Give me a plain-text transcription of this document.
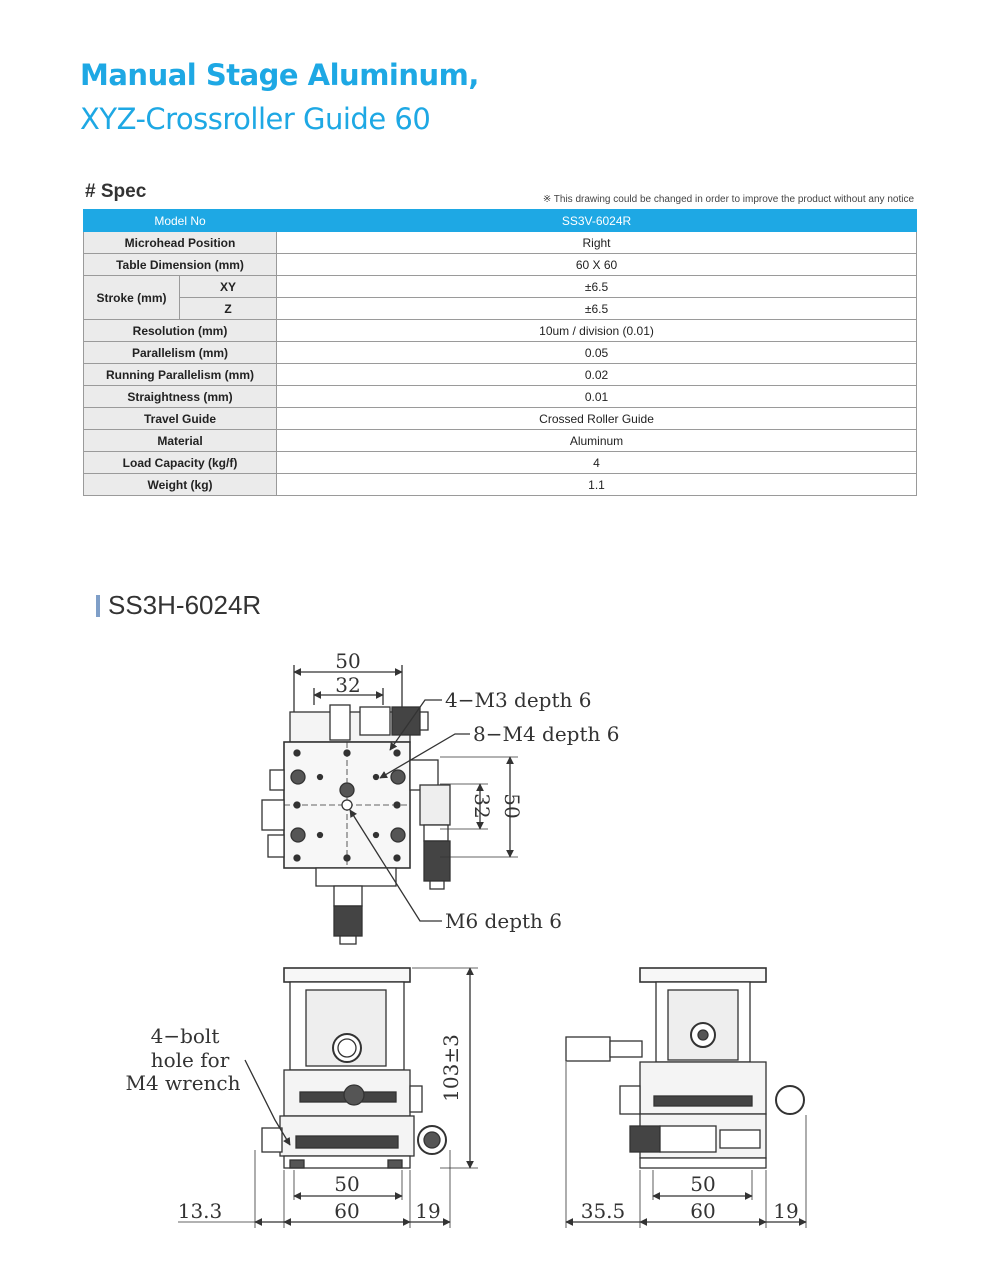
Manual Stage Aluminum,
XYZ-Crossroller Guide 60
# Spec	※ This drawing could be changed in order to improve the product without any notice
Model No		SS3V-6024R
Microhead Position		Right
Table Dimension (mm)		60 X 60
Stroke (mm)	XY	±6.5
	Z	±6.5
Resolution (mm)		10um / division (0.01)
Parallelism (mm)		0.05
Running Parallelism (mm)		0.02
Straightness (mm)		0.01
Travel Guide		Crossed Roller Guide
Material		Aluminum
Load Capacity (kg/f)		4
Weight (kg)		1.1
SS3H-6024R
50
32
4−M3 depth 6
8−M4 depth 6
M6 depth 6
32 50
4−bolt
hole for
M4 wrench	103±3
50
13.3	60	19
50
35.5	60	19
